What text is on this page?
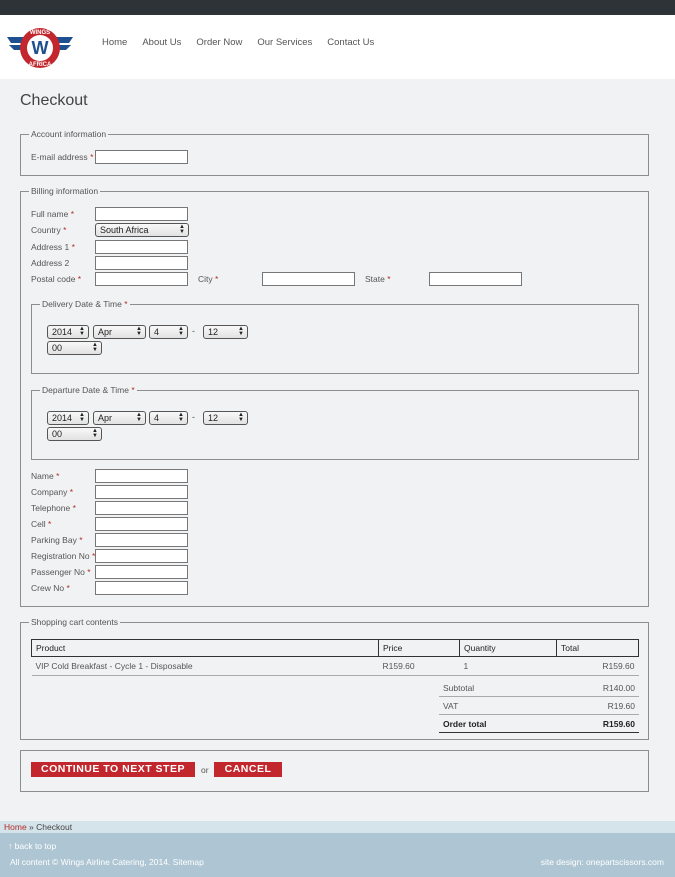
W
WINGS
AFRICA
Home About Us Order Now Our Services Contact Us
Checkout
Account information
E-mail address *
Billing information
Full name *
Country *	South Africa	▲
▼
Address 1 *
Address 2
Postal code *	City *	State *
Delivery Date & Time *
2014 ▲
▼	Apr	▲
▼	4	▲
▼ -	12	▲
▼
00	▲
▼
Departure Date & Time *
2014 ▲
▼	Apr	▲
▼	4	▲
▼ -	12	▲
▼
00	▲
▼
Name *
Company *
Telephone *
Cell *
Parking Bay *
Registration No *
Passenger No *
Crew No *
Shopping cart contents
Product	Price	Quantity	Total
VIP Cold Breakfast - Cycle 1 - Disposable	R159.60	1	R159.60
Subtotal	R140.00
VAT	R19.60
Order total	R159.60
CONTINUE TO NEXT STEP	or	CANCEL
Home » Checkout
↑ back to top
All content © Wings Airline Catering, 2014. Sitemap	site design: onepartscissors.com
